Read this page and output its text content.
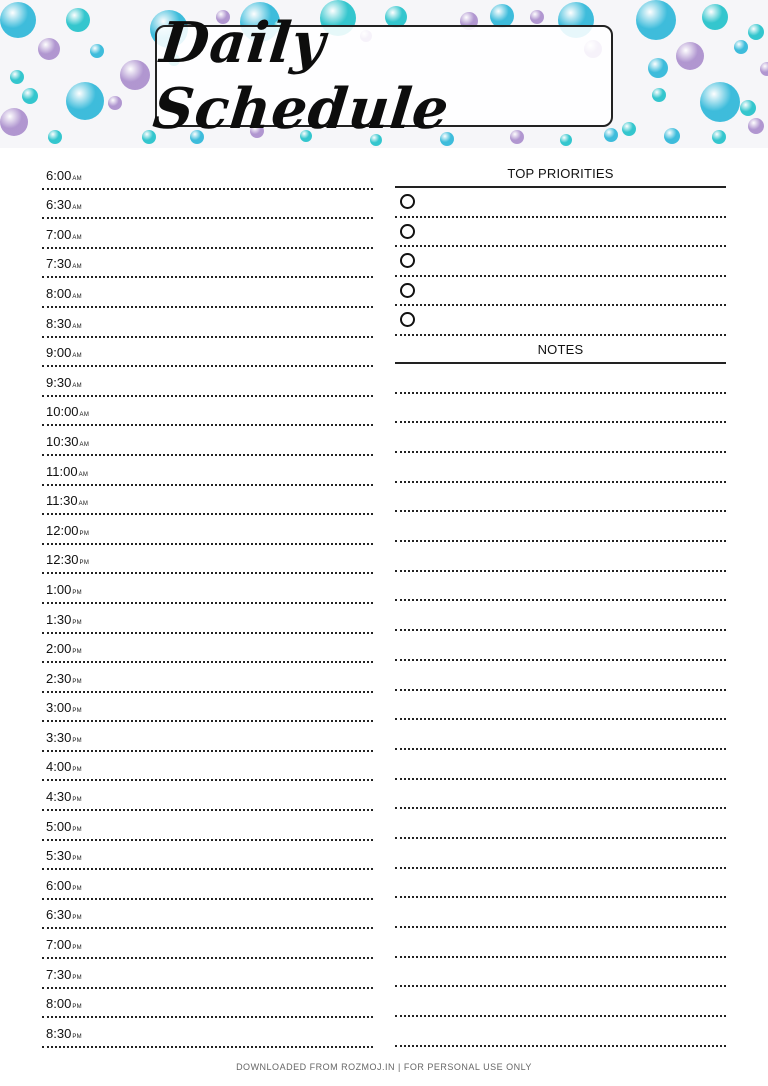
Daily Schedule
6:00AM
6:30AM
7:00AM
7:30AM
8:00AM
8:30AM
9:00AM
9:30AM
10:00AM
10:30AM
11:00AM
11:30AM
12:00PM
12:30PM
1:00PM
1:30PM
2:00PM
2:30PM
3:00PM
3:30PM
4:00PM
4:30PM
5:00PM
5:30PM
6:00PM
6:30PM
7:00PM
7:30PM
8:00PM
8:30PM
TOP PRIORITIES
NOTES
DOWNLOADED FROM ROZMOJ.IN | FOR PERSONAL USE ONLY
